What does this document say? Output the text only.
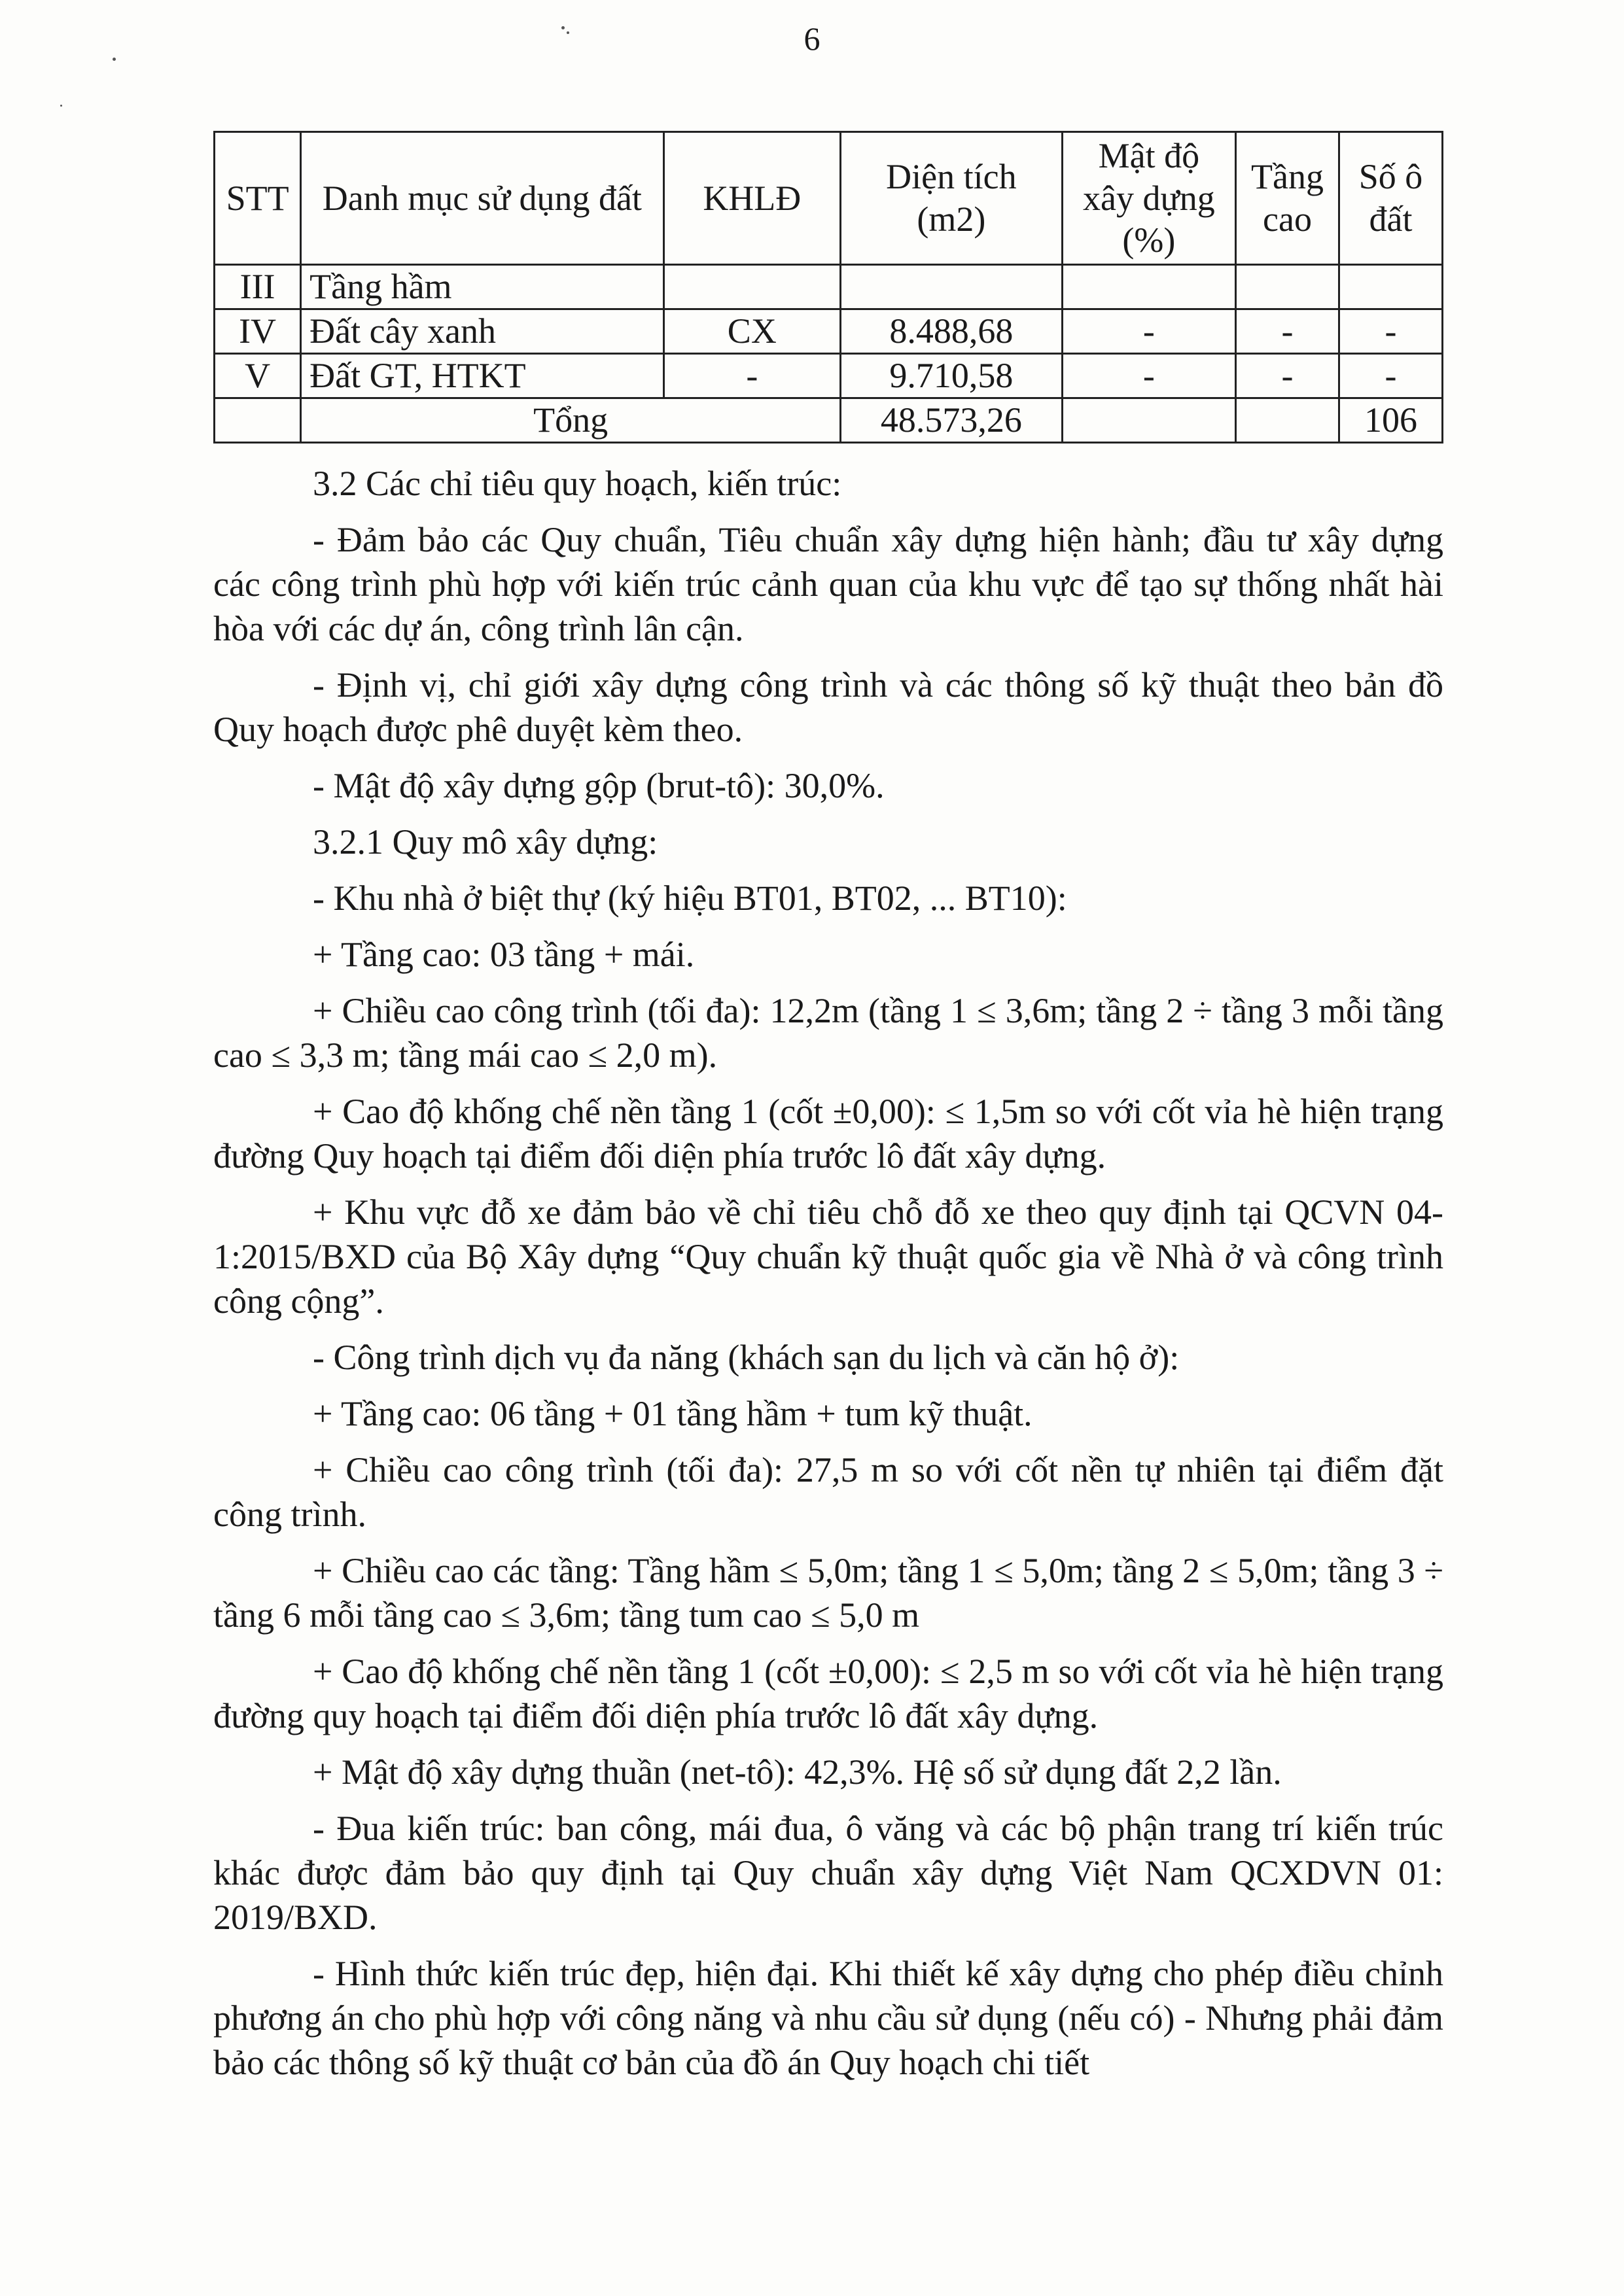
6
STT	Danh mục sử dụng đất	KHLĐ	Diện tích (m2)	Mật độ xây dựng (%)	Tầng cao	Số ô đất
III	Tầng hầm					
IV	Đất cây xanh	CX	8.488,68	-	-	-
V	Đất GT, HTKT	-	9.710,58	-	-	-
	Tổng		48.573,26			106

3.2 Các chỉ tiêu quy hoạch, kiến trúc:

- Đảm bảo các Quy chuẩn, Tiêu chuẩn xây dựng hiện hành; đầu tư xây dựng các công trình phù hợp với kiến trúc cảnh quan của khu vực để tạo sự thống nhất hài hòa với các dự án, công trình lân cận.

- Định vị, chỉ giới xây dựng công trình và các thông số kỹ thuật theo bản đồ Quy hoạch được phê duyệt kèm theo.

- Mật độ xây dựng gộp (brut-tô): 30,0%.

3.2.1 Quy mô xây dựng:

- Khu nhà ở biệt thự (ký hiệu BT01, BT02, ... BT10):

+ Tầng cao: 03 tầng + mái.

+ Chiều cao công trình (tối đa): 12,2m (tầng 1 ≤ 3,6m; tầng 2 ÷ tầng 3 mỗi tầng cao ≤ 3,3 m; tầng mái cao ≤ 2,0 m).

+ Cao độ khống chế nền tầng 1 (cốt ±0,00): ≤ 1,5m so với cốt vỉa hè hiện trạng đường Quy hoạch tại điểm đối diện phía trước lô đất xây dựng.

+ Khu vực đỗ xe đảm bảo về chỉ tiêu chỗ đỗ xe theo quy định tại QCVN 04-1:2015/BXD của Bộ Xây dựng “Quy chuẩn kỹ thuật quốc gia về Nhà ở và công trình công cộng”.

- Công trình dịch vụ đa năng (khách sạn du lịch và căn hộ ở):

+ Tầng cao: 06 tầng + 01 tầng hầm + tum kỹ thuật.

+ Chiều cao công trình (tối đa): 27,5 m so với cốt nền tự nhiên tại điểm đặt công trình.

+ Chiều cao các tầng: Tầng hầm ≤ 5,0m; tầng 1 ≤ 5,0m; tầng 2 ≤ 5,0m; tầng 3 ÷ tầng 6 mỗi tầng cao ≤ 3,6m; tầng tum cao ≤ 5,0 m

+ Cao độ khống chế nền tầng 1 (cốt ±0,00): ≤ 2,5 m so với cốt vỉa hè hiện trạng đường quy hoạch tại điểm đối diện phía trước lô đất xây dựng.

+ Mật độ xây dựng thuần (net-tô): 42,3%. Hệ số sử dụng đất 2,2 lần.

- Đua kiến trúc: ban công, mái đua, ô văng và các bộ phận trang trí kiến trúc khác được đảm bảo quy định tại Quy chuẩn xây dựng Việt Nam QCXDVN 01: 2019/BXD.

- Hình thức kiến trúc đẹp, hiện đại. Khi thiết kế xây dựng cho phép điều chỉnh phương án cho phù hợp với công năng và nhu cầu sử dụng (nếu có) - Nhưng phải đảm bảo các thông số kỹ thuật cơ bản của đồ án Quy hoạch chi tiết
